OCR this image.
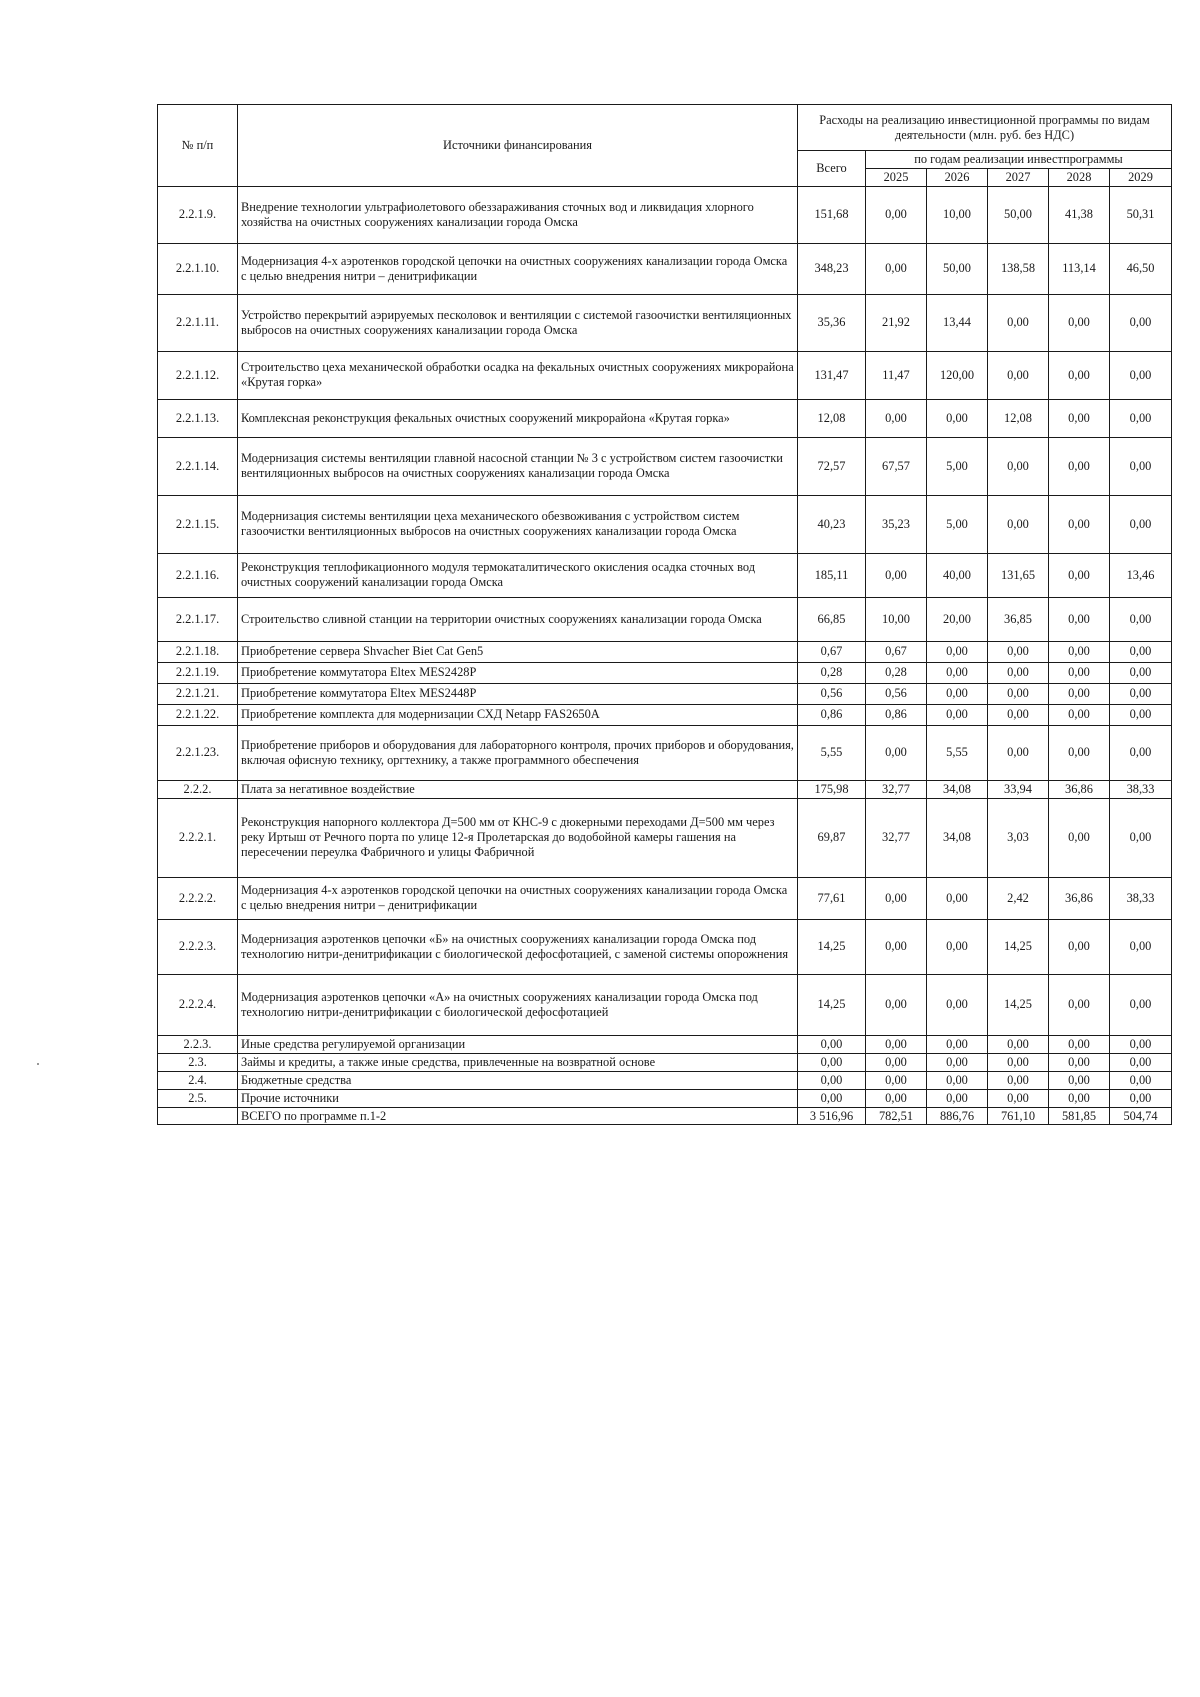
№ п/п	Источники финансирования	Расходы на реализацию инвестиционной программы по видам деятельности (млн. руб. без НДС)					
		Всего	по годам реализации инвестпрограммы				
			2025	2026	2027	2028	2029
2.2.1.9.	Внедрение технологии ультрафиолетового обеззараживания сточных вод и ликвидация хлорного хозяйства на очистных сооружениях канализации города Омска	151,68	0,00	10,00	50,00	41,38	50,31
2.2.1.10.	Модернизация 4-х аэротенков городской цепочки на очистных сооружениях канализации города Омска с целью внедрения нитри – денитрификации	348,23	0,00	50,00	138,58	113,14	46,50
2.2.1.11.	Устройство перекрытий аэрируемых песколовок и вентиляции с системой газоочистки вентиляционных выбросов на очистных сооружениях канализации города Омска	35,36	21,92	13,44	0,00	0,00	0,00
2.2.1.12.	Строительство цеха механической обработки осадка на фекальных очистных сооружениях микрорайона «Крутая горка»	131,47	11,47	120,00	0,00	0,00	0,00
2.2.1.13.	Комплексная реконструкция фекальных очистных сооружений микрорайона «Крутая горка»	12,08	0,00	0,00	12,08	0,00	0,00
2.2.1.14.	Модернизация системы вентиляции главной насосной станции № 3 с устройством систем газоочистки вентиляционных выбросов на очистных сооружениях канализации города Омска	72,57	67,57	5,00	0,00	0,00	0,00
2.2.1.15.	Модернизация системы вентиляции цеха механического обезвоживания с устройством систем газоочистки вентиляционных выбросов на очистных сооружениях канализации города Омска	40,23	35,23	5,00	0,00	0,00	0,00
2.2.1.16.	Реконструкция теплофикационного модуля термокаталитического окисления осадка сточных вод очистных сооружений канализации города Омска	185,11	0,00	40,00	131,65	0,00	13,46
2.2.1.17.	Строительство сливной станции на территории очистных сооружениях канализации города Омска	66,85	10,00	20,00	36,85	0,00	0,00
2.2.1.18.	Приобретение сервера Shvacher Biet Cat Gen5	0,67	0,67	0,00	0,00	0,00	0,00
2.2.1.19.	Приобретение коммутатора Eltex MES2428P	0,28	0,28	0,00	0,00	0,00	0,00
2.2.1.21.	Приобретение коммутатора Eltex MES2448P	0,56	0,56	0,00	0,00	0,00	0,00
2.2.1.22.	Приобретение комплекта для модернизации СХД Netapp FAS2650A	0,86	0,86	0,00	0,00	0,00	0,00
2.2.1.23.	Приобретение приборов и оборудования для лабораторного контроля, прочих приборов и оборудования, включая офисную технику, оргтехнику, а также программного обеспечения	5,55	0,00	5,55	0,00	0,00	0,00
2.2.2.	Плата за негативное воздействие	175,98	32,77	34,08	33,94	36,86	38,33
2.2.2.1.	Реконструкция напорного коллектора Д=500 мм от КНС-9 с дюкерными переходами Д=500 мм через реку Иртыш от Речного порта по улице 12-я Пролетарская до водобойной камеры гашения на пересечении переулка Фабричного и улицы Фабричной	69,87	32,77	34,08	3,03	0,00	0,00
2.2.2.2.	Модернизация 4-х аэротенков городской цепочки на очистных сооружениях канализации города Омска с целью внедрения нитри – денитрификации	77,61	0,00	0,00	2,42	36,86	38,33
2.2.2.3.	Модернизация аэротенков цепочки «Б» на очистных сооружениях канализации города Омска под технологию нитри-денитрификации с биологической дефосфотацией, с заменой системы опорожнения	14,25	0,00	0,00	14,25	0,00	0,00
2.2.2.4.	Модернизация аэротенков цепочки «А» на очистных сооружениях канализации города Омска под технологию нитри-денитрификации с биологической дефосфотацией	14,25	0,00	0,00	14,25	0,00	0,00
2.2.3.	Иные средства регулируемой организации	0,00	0,00	0,00	0,00	0,00	0,00
2.3.	Займы и кредиты, а также иные средства, привлеченные на возвратной основе	0,00	0,00	0,00	0,00	0,00	0,00
2.4.	Бюджетные средства	0,00	0,00	0,00	0,00	0,00	0,00
2.5.	Прочие источники	0,00	0,00	0,00	0,00	0,00	0,00
	ВСЕГО по программе п.1-2	3 516,96	782,51	886,76	761,10	581,85	504,74
